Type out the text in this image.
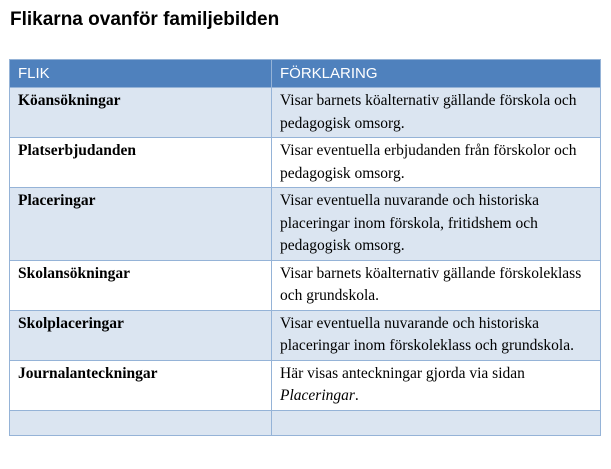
Flikarna ovanför familjebilden
FLIK	FÖRKLARING
Köansökningar	Visar barnets köalternativ gällande förskola och pedagogisk omsorg.
Platserbjudanden	Visar eventuella erbjudanden från förskolor och pedagogisk omsorg.
Placeringar	Visar eventuella nuvarande och historiska placeringar inom förskola, fritidshem och pedagogisk omsorg.
Skolansökningar	Visar barnets köalternativ gällande förskoleklass och grundskola.
Skolplaceringar	Visar eventuella nuvarande och historiska placeringar inom förskoleklass och grundskola.
Journalanteckningar	Här visas anteckningar gjorda via sidan Placeringar.
